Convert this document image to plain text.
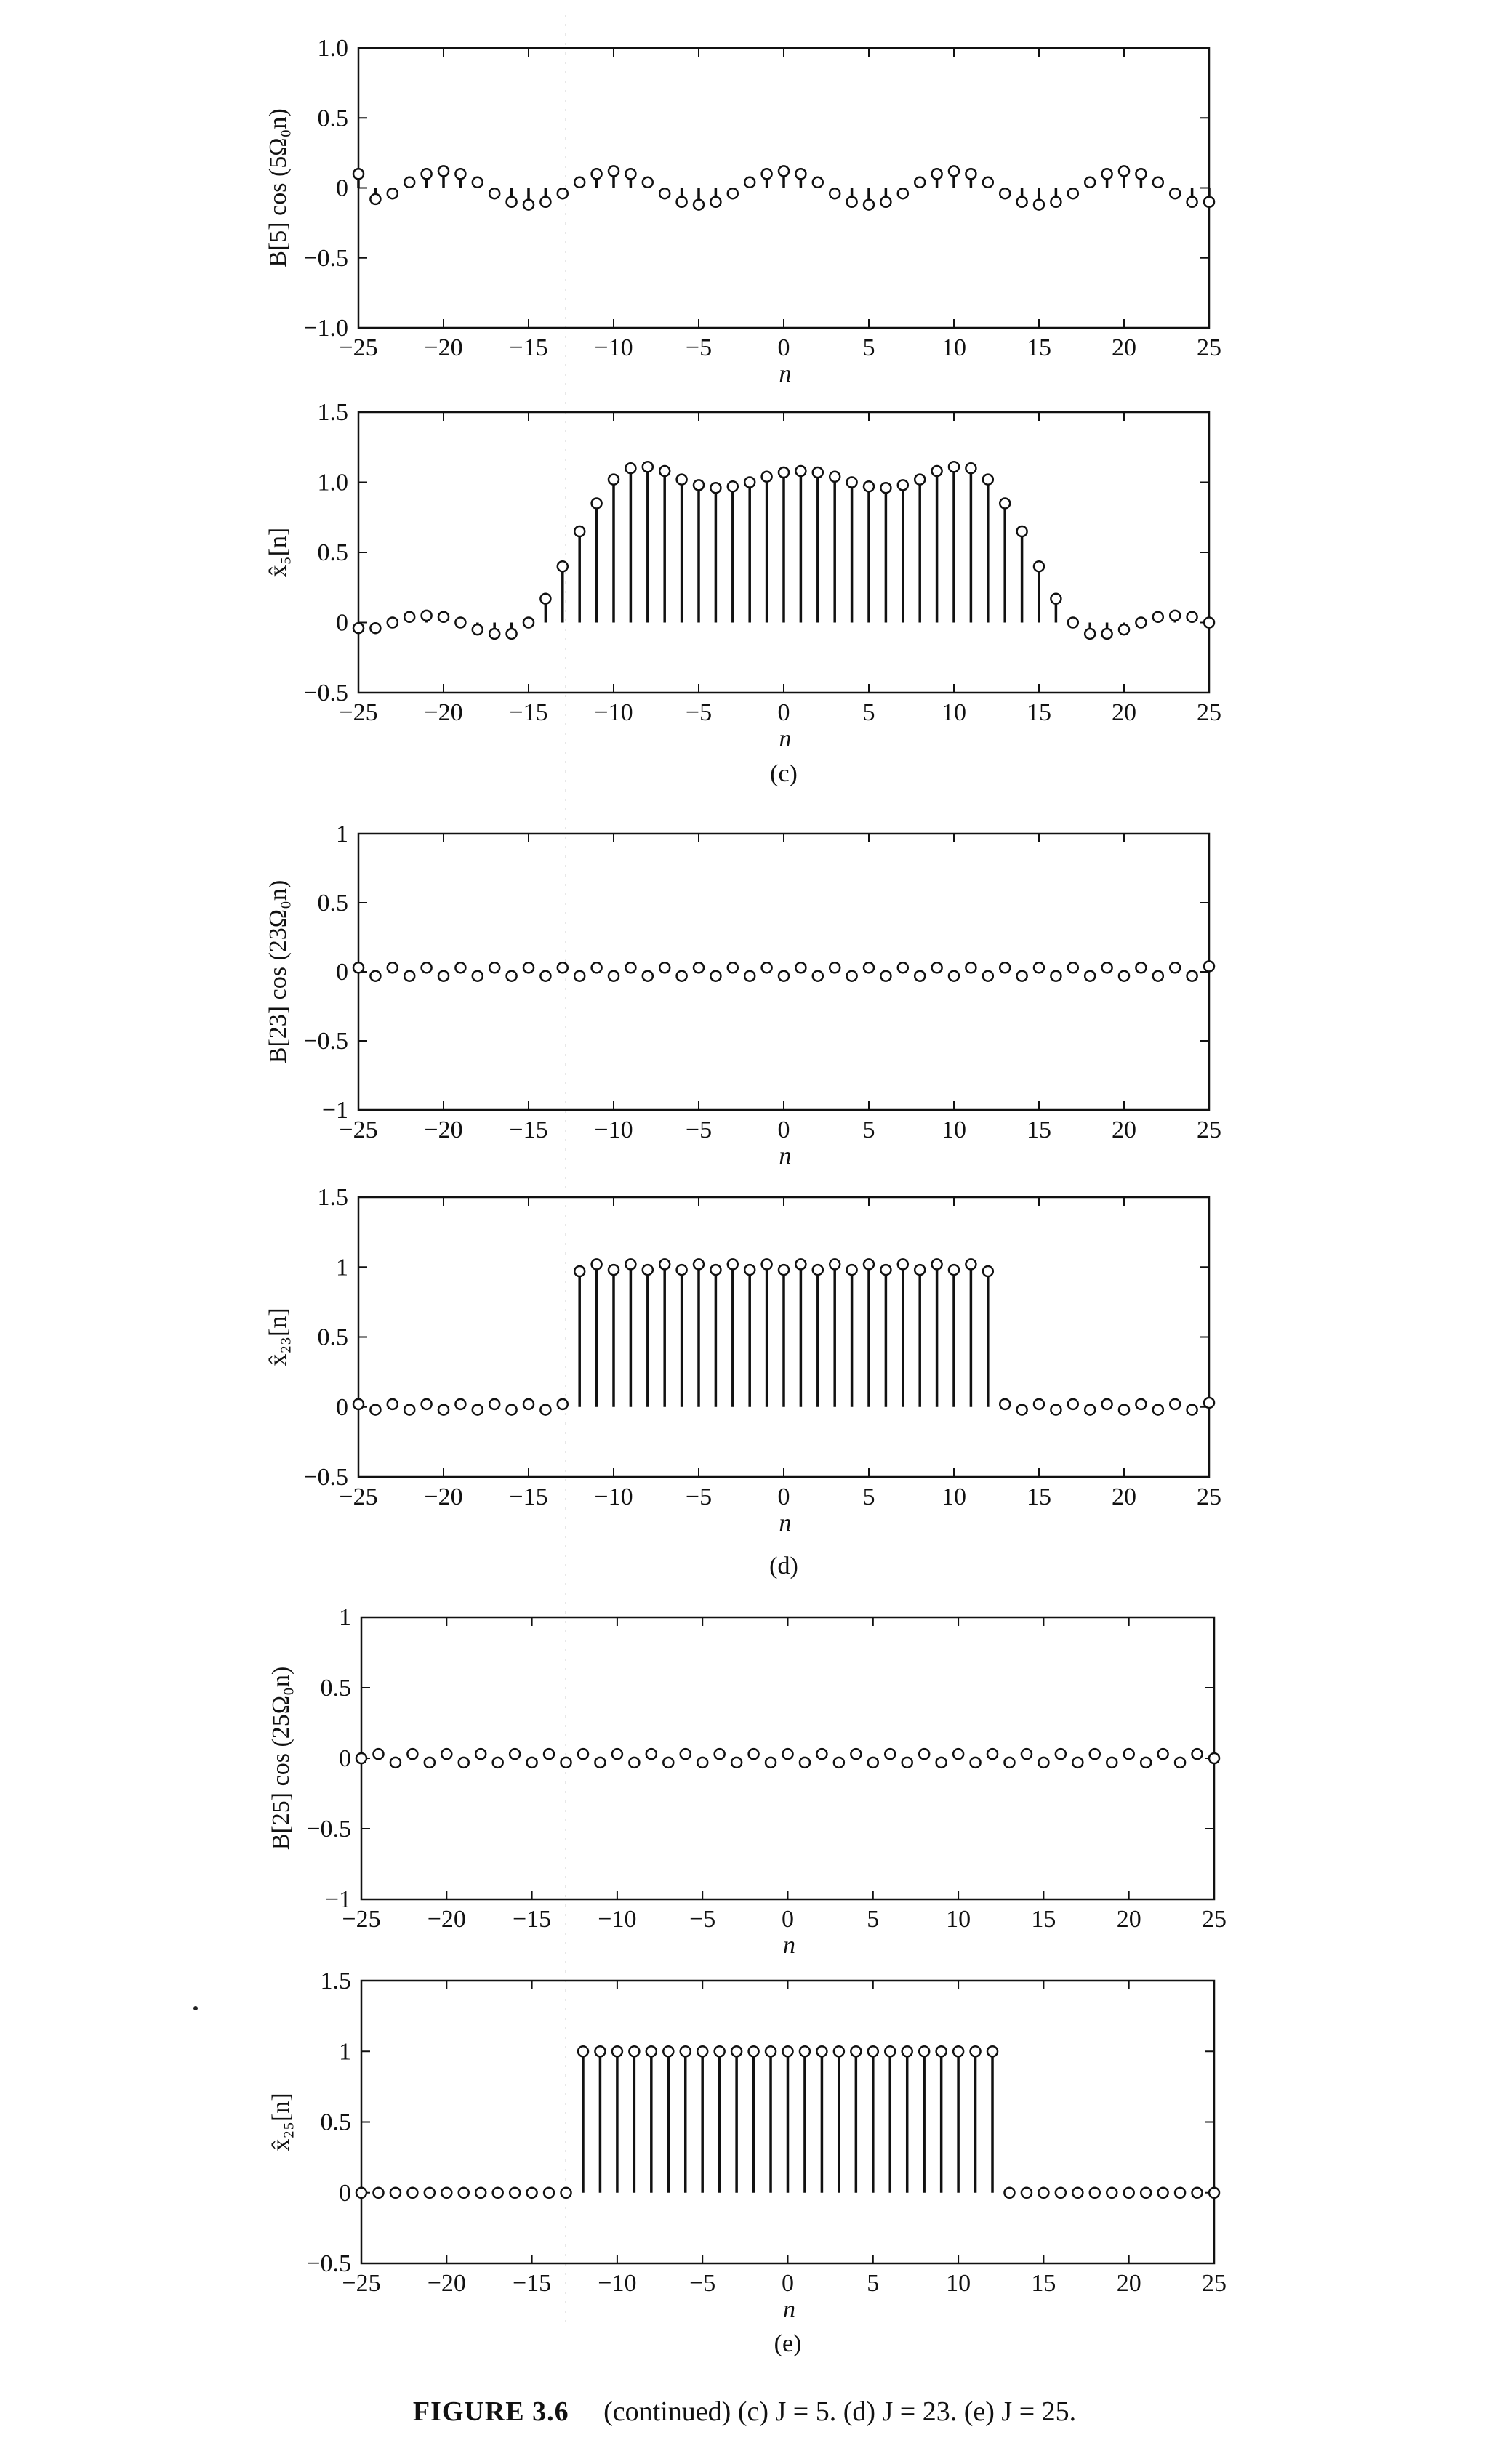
−25 −20 −15 −10 −5	0	5	10 15 20 25
1.0
0.5
0
−0.5
−1.0
n
B[5] cos (5Ω₀n)
−25 −20 −15 −10 −5	0	5	10 15 20 25
1.5
1.0
0.5
0
−0.5
n
x̂₅[n]
−25 −20 −15 −10 −5	0	5	10 15 20 25
1
0.5
0
−0.5
−1
n
B[23] cos (23Ω₀n)
−25 −20 −15 −10 −5	0	5	10 15 20 25
1.5
1
0.5
0
−0.5
n
x̂₂₃[n]
−25 −20 −15 −10 −5	0	5	10 15 20 25
1
0.5
0
−0.5
−1
n
B[25] cos (25Ω₀n)
−25 −20 −15 −10 −5	0	5	10 15 20 25
1.5
1
0.5
0
−0.5
n
x̂₂₅[n]
(c)
(d)
(e)
FIGURE 3.6 (continued) (c) J = 5. (d) J = 23. (e) J = 25.
